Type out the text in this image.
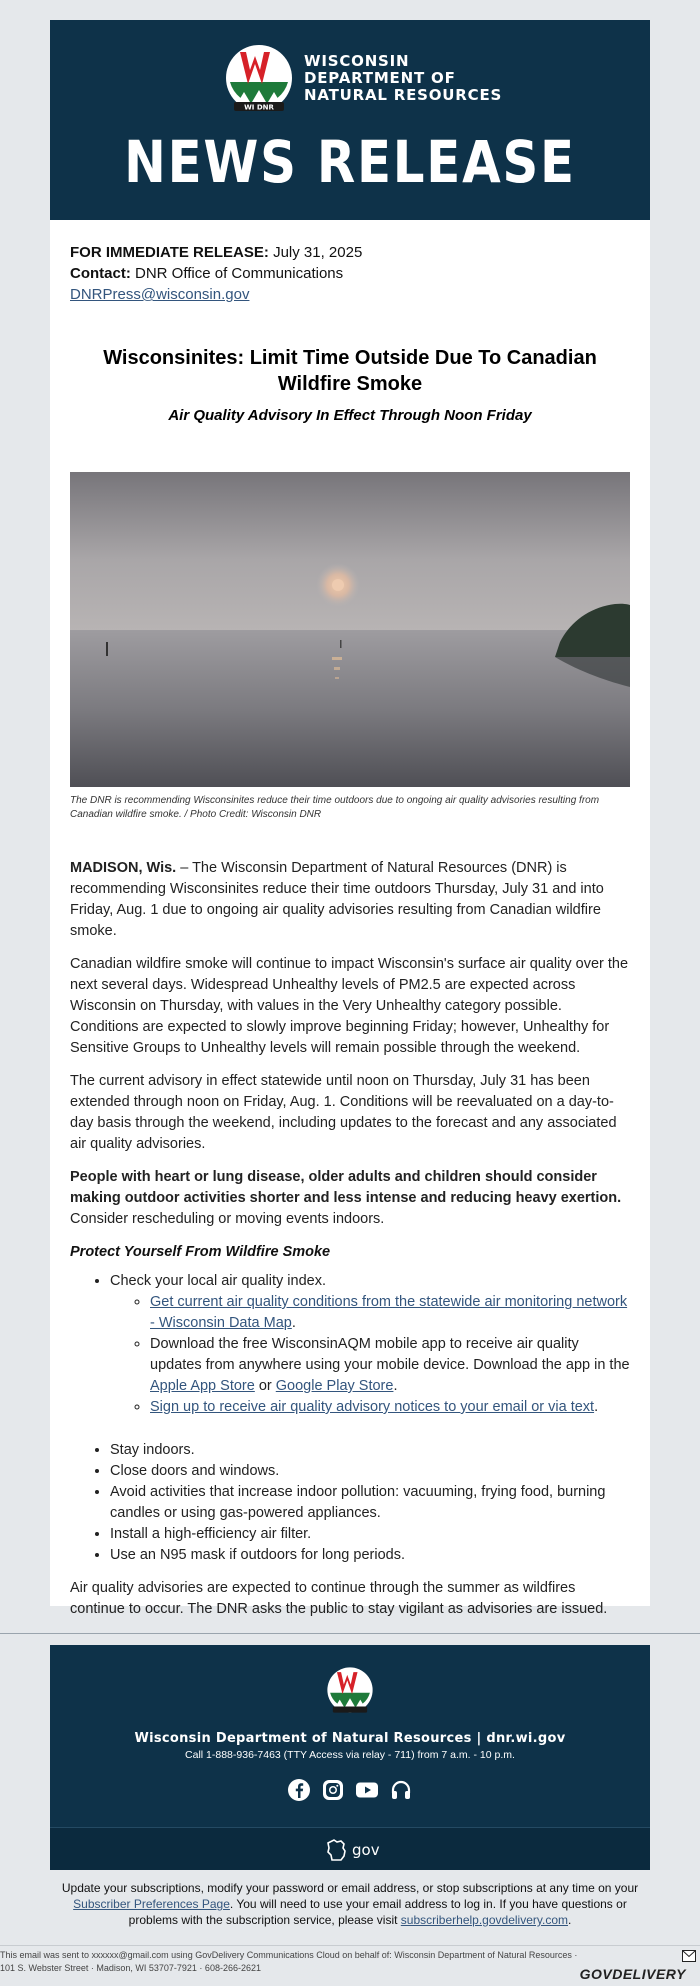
WI DNR
WISCONSIN
DEPARTMENT OF
NATURAL RESOURCES
NEWS RELEASE
FOR IMMEDIATE RELEASE: July 31, 2025
Contact: DNR Office of Communications
DNRPress@wisconsin.gov
Wisconsinites: Limit Time Outside Due To Canadian Wildfire Smoke
Air Quality Advisory In Effect Through Noon Friday
The DNR is recommending Wisconsinites reduce their time outdoors due to ongoing air quality advisories resulting from Canadian wildfire smoke. / Photo Credit: Wisconsin DNR

MADISON, Wis. – The Wisconsin Department of Natural Resources (DNR) is recommending Wisconsinites reduce their time outdoors Thursday, July 31 and into Friday, Aug. 1 due to ongoing air quality advisories resulting from Canadian wildfire smoke.

Canadian wildfire smoke will continue to impact Wisconsin's surface air quality over the next several days. Widespread Unhealthy levels of PM2.5 are expected across Wisconsin on Thursday, with values in the Very Unhealthy category possible. Conditions are expected to slowly improve beginning Friday; however, Unhealthy for Sensitive Groups to Unhealthy levels will remain possible through the weekend.

The current advisory in effect statewide until noon on Thursday, July 31 has been extended through noon on Friday, Aug. 1. Conditions will be reevaluated on a day-to-day basis through the weekend, including updates to the forecast and any associated air quality advisories.

People with heart or lung disease, older adults and children should consider making outdoor activities shorter and less intense and reducing heavy exertion. Consider rescheduling or moving events indoors.

Protect Yourself From Wildfire Smoke

• Check your local air quality index.
◦ Get current air quality conditions from the statewide air monitoring network - Wisconsin Data Map.
◦ Download the free WisconsinAQM mobile app to receive air quality updates from anywhere using your mobile device. Download the app in the Apple App Store or Google Play Store.
◦ Sign up to receive air quality advisory notices to your email or via text.
• Stay indoors.
• Close doors and windows.
• Avoid activities that increase indoor pollution: vacuuming, frying food, burning candles or using gas-powered appliances.
• Install a high-efficiency air filter.
• Use an N95 mask if outdoors for long periods.

Air quality advisories are expected to continue through the summer as wildfires continue to occur. The DNR asks the public to stay vigilant as advisories are issued.

Wisconsin Department of Natural Resources | dnr.wi.gov
Call 1-888-936-7463 (TTY Access via relay - 711) from 7 a.m. - 10 p.m.
gov
Update your subscriptions, modify your password or email address, or stop subscriptions at any time on your Subscriber Preferences Page. You will need to use your email address to log in. If you have questions or problems with the subscription service, please visit subscriberhelp.govdelivery.com.
This email was sent to xxxxxx@gmail.com using GovDelivery Communications Cloud on behalf of: Wisconsin Department of Natural Resources · 101 S. Webster Street · Madison, WI 53707-7921 · 608-266-2621	GOVDELIVERY
